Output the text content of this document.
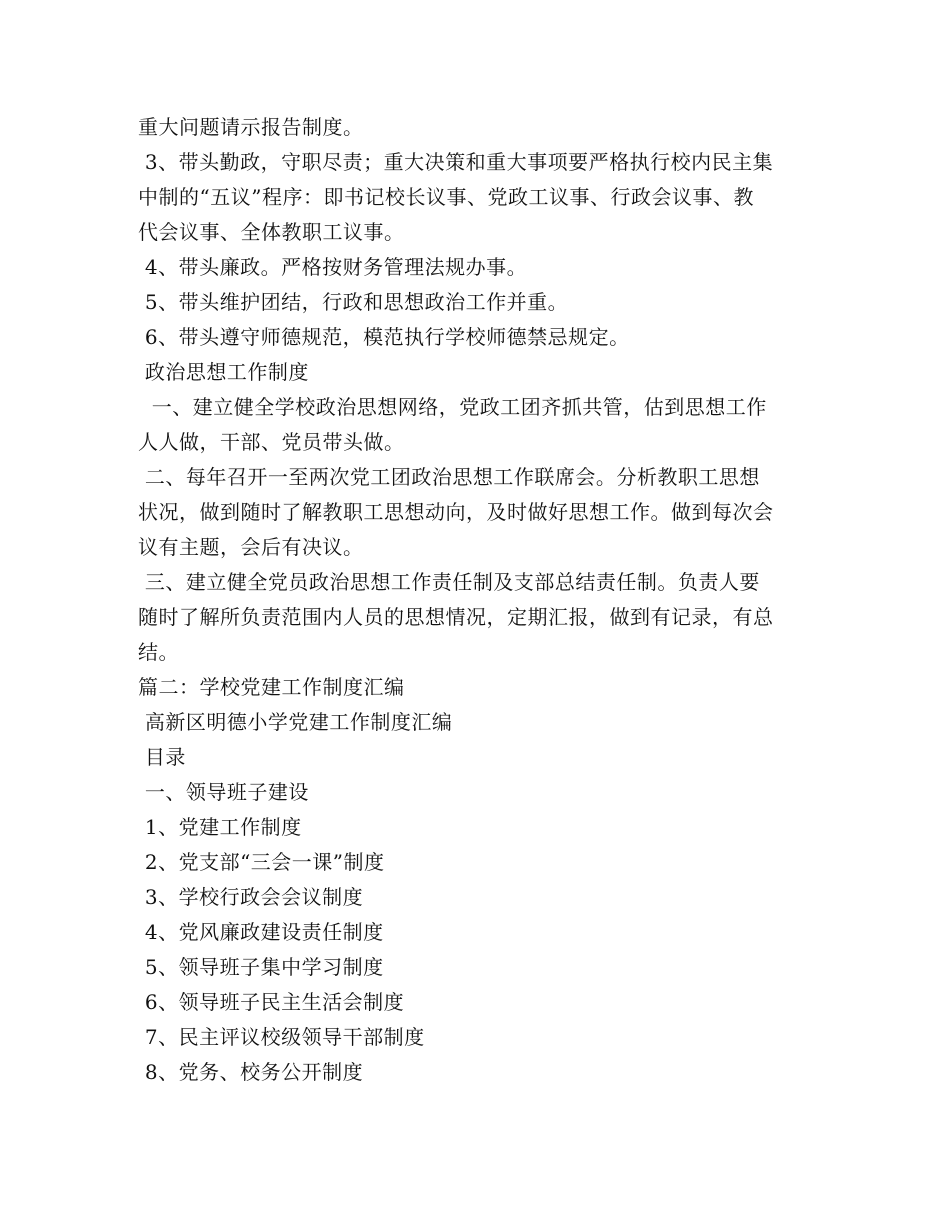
重大问题请示报告制度。
3、带头勤政，守职尽责；重大决策和重大事项要严格执行校内民主集
中制的“五议”程序：即书记校长议事、党政工议事、行政会议事、教
代会议事、全体教职工议事。
4、带头廉政。严格按财务管理法规办事。
5、带头维护团结，行政和思想政治工作并重。
6、带头遵守师德规范，模范执行学校师德禁忌规定。
政治思想工作制度
一、建立健全学校政治思想网络，党政工团齐抓共管，估到思想工作
人人做，干部、党员带头做。
二、每年召开一至两次党工团政治思想工作联席会。分析教职工思想
状况，做到随时了解教职工思想动向，及时做好思想工作。做到每次会
议有主题，会后有决议。
三、建立健全党员政治思想工作责任制及支部总结责任制。负责人要
随时了解所负责范围内人员的思想情况，定期汇报，做到有记录，有总
结。
篇二：学校党建工作制度汇编
高新区明德小学党建工作制度汇编
目录
一、领导班子建设
1、党建工作制度
2、党支部“三会一课”制度
3、学校行政会会议制度
4、党风廉政建设责任制度
5、领导班子集中学习制度
6、领导班子民主生活会制度
7、民主评议校级领导干部制度
8、党务、校务公开制度
